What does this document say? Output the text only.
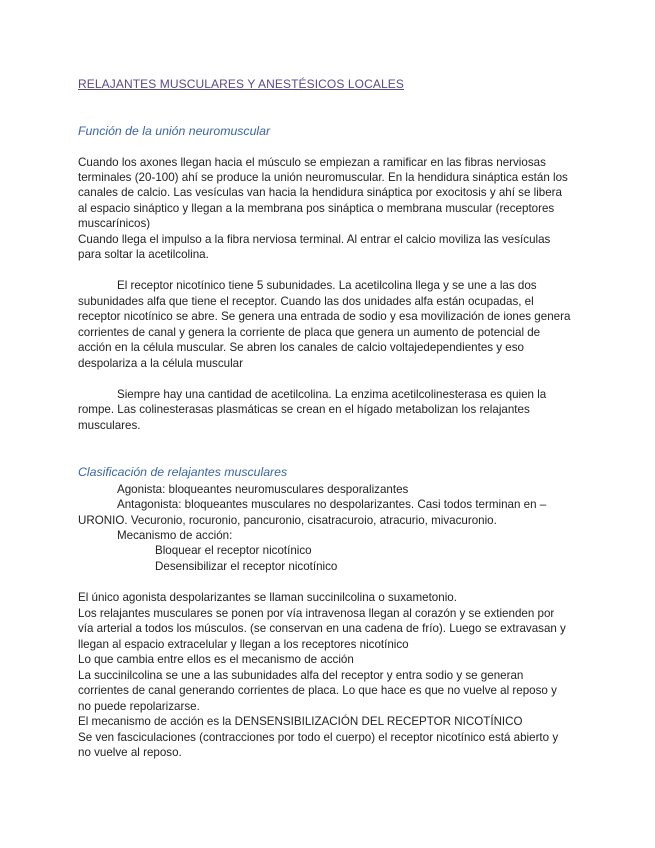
RELAJANTES MUSCULARES Y ANESTÉSICOS LOCALES
Función de la unión neuromuscular

Cuando los axones llegan hacia el músculo se empiezan a ramificar en las fibras nerviosas

terminales (20-100) ahí se produce la unión neuromuscular. En la hendidura sináptica están los

canales de calcio. Las vesículas van hacia la hendidura sináptica por exocitosis y ahí se libera

al espacio sináptico y llegan a la membrana pos sináptica o membrana muscular (receptores

muscarínicos)

Cuando llega el impulso a la fibra nerviosa terminal. Al entrar el calcio moviliza las vesículas

para soltar la acetilcolina.

El receptor nicotínico tiene 5 subunidades. La acetilcolina llega y se une a las dos

subunidades alfa que tiene el receptor. Cuando las dos unidades alfa están ocupadas, el

receptor nicotínico se abre. Se genera una entrada de sodio y esa movilización de iones genera

corrientes de canal y genera la corriente de placa que genera un aumento de potencial de

acción en la célula muscular. Se abren los canales de calcio voltajedependientes y eso

despolariza a la célula muscular

Siempre hay una cantidad de acetilcolina. La enzima acetilcolinesterasa es quien la

rompe. Las colinesterasas plasmáticas se crean en el hígado metabolizan los relajantes

musculares.

Clasificación de relajantes musculares

Agonista: bloqueantes neuromusculares desporalizantes

Antagonista: bloqueantes musculares no despolarizantes. Casi todos terminan en –

URONIO. Vecuronio, rocuronio, pancuronio, cisatracuroio, atracurio, mivacuronio.

Mecanismo de acción:

Bloquear el receptor nicotínico

Desensibilizar el receptor nicotínico

El único agonista despolarizantes se llaman succinilcolina o suxametonio.

Los relajantes musculares se ponen por vía intravenosa llegan al corazón y se extienden por

vía arterial a todos los músculos. (se conservan en una cadena de frío). Luego se extravasan y

llegan al espacio extracelular y llegan a los receptores nicotínico

Lo que cambia entre ellos es el mecanismo de acción

La succinilcolina se une a las subunidades alfa del receptor y entra sodio y se generan

corrientes de canal generando corrientes de placa. Lo que hace es que no vuelve al reposo y

no puede repolarizarse.

El mecanismo de acción es la DENSENSIBILIZACIÓN DEL RECEPTOR NICOTÍNICO

Se ven fasciculaciones (contracciones por todo el cuerpo) el receptor nicotínico está abierto y

no vuelve al reposo.
